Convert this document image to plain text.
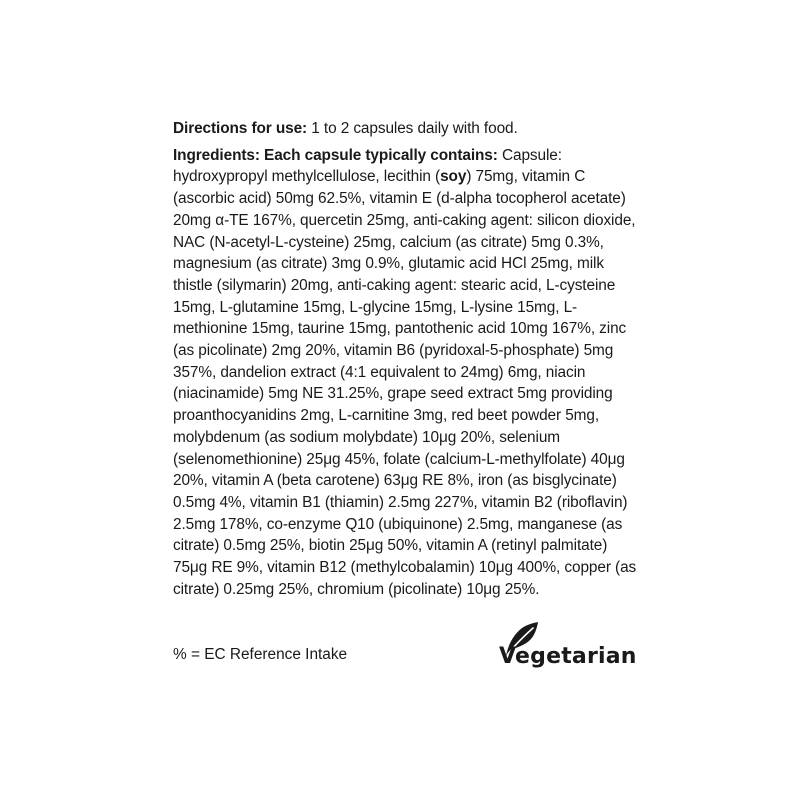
Directions for use: 1 to 2 capsules daily with food.

Ingredients: Each capsule typically contains: Capsule: hydroxypropyl methylcellulose, lecithin (soy) 75mg, vitamin C (ascorbic acid) 50mg 62.5%, vitamin E (d-alpha tocopherol acetate) 20mg α-TE 167%, quercetin 25mg, anti-caking agent: silicon dioxide, NAC (N-acetyl-L-cysteine) 25mg, calcium (as citrate) 5mg 0.3%, magnesium (as citrate) 3mg 0.9%, glutamic acid HCl 25mg, milk thistle (silymarin) 20mg, anti-caking agent: stearic acid, L-cysteine 15mg, L-glutamine 15mg, L-glycine 15mg, L-lysine 15mg, L-methionine 15mg, taurine 15mg, pantothenic acid 10mg 167%, zinc (as picolinate) 2mg 20%, vitamin B6 (pyridoxal-5-phosphate) 5mg 357%, dandelion extract (4:1 equivalent to 24mg) 6mg, niacin (niacinamide) 5mg NE 31.25%, grape seed extract 5mg providing proanthocyanidins 2mg, L-carnitine 3mg, red beet powder 5mg, molybdenum (as sodium molybdate) 10μg 20%, selenium (selenomethionine) 25μg 45%, folate (calcium-L-methylfolate) 40μg 20%, vitamin A (beta carotene) 63μg RE 8%, iron (as bisglycinate) 0.5mg 4%, vitamin B1 (thiamin) 2.5mg 227%, vitamin B2 (riboflavin) 2.5mg 178%, co-enzyme Q10 (ubiquinone) 2.5mg, manganese (as citrate) 0.5mg 25%, biotin 25μg 50%, vitamin A (retinyl palmitate) 75μg RE 9%, vitamin B12 (methylcobalamin) 10μg 400%, copper (as citrate) 0.25mg 25%, chromium (picolinate) 10μg 25%.

% = EC Reference Intake	Vegetarian
